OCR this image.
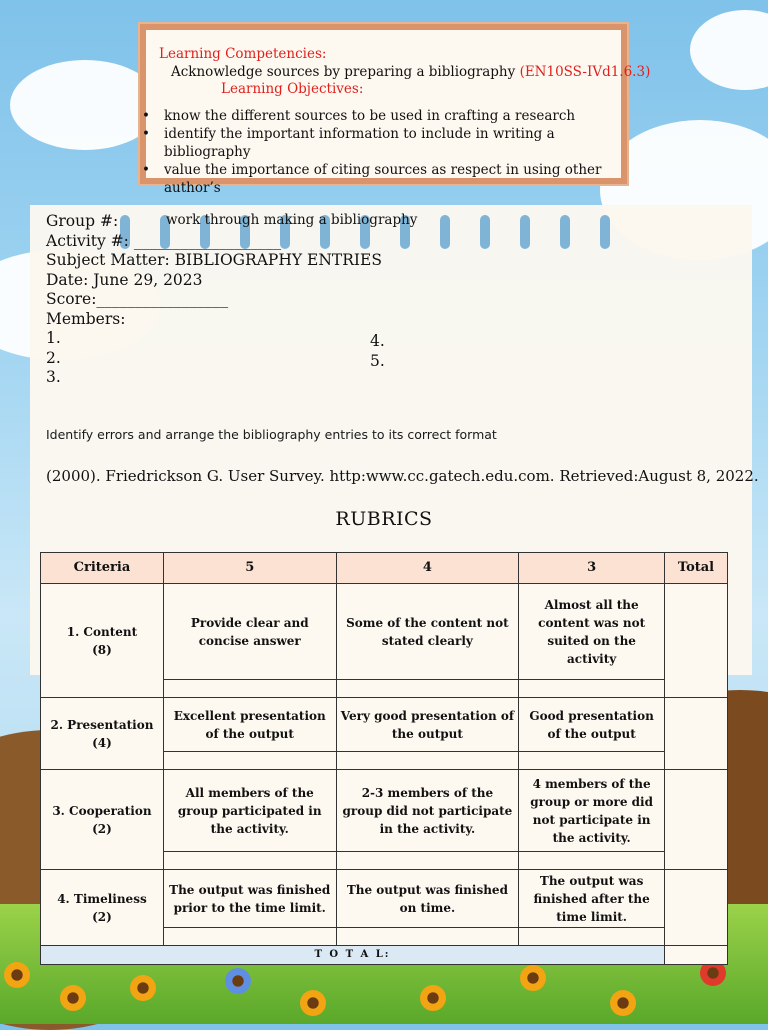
Learning Competencies:
Acknowledge sources by preparing a bibliography (EN10SS-IVd1.6.3)
Learning Objectives:

• know the different sources to be used in crafting a research

• identify the important information to include in writing a bibliography

• value the importance of citing sources as respect in using other author’s

work through making a bibliography

Group #:
Activity #: ___________________
Subject Matter: BIBLIOGRAPHY ENTRIES
Date: June 29, 2023
Score:_________________
Members:
1.
2.
3.
4.
5.
Identify errors and arrange the bibliography entries to its correct format
(2000). Friedrickson G. User Survey. http:www.cc.gatech.edu.com. Retrieved:August 8, 2022.
RUBRICS
Criteria	5	4	3	Total
1. Content
(8)	Provide clear and concise answer	Some of the content not stated clearly	Almost all the content was not suited on the activity	

2. Presentation
(4)	Excellent presentation of the output	Very good presentation of the output	Good presentation of the output	

3. Cooperation
(2)	All members of the group participated in the activity.	2-3 members of the group did not participate in the activity.	4 members of the group or more did not participate in the activity.	

4. Timeliness
(2)	The output was finished prior to the time limit.	The output was finished on time.	The output was finished after the time limit.	

T O T A L:				
